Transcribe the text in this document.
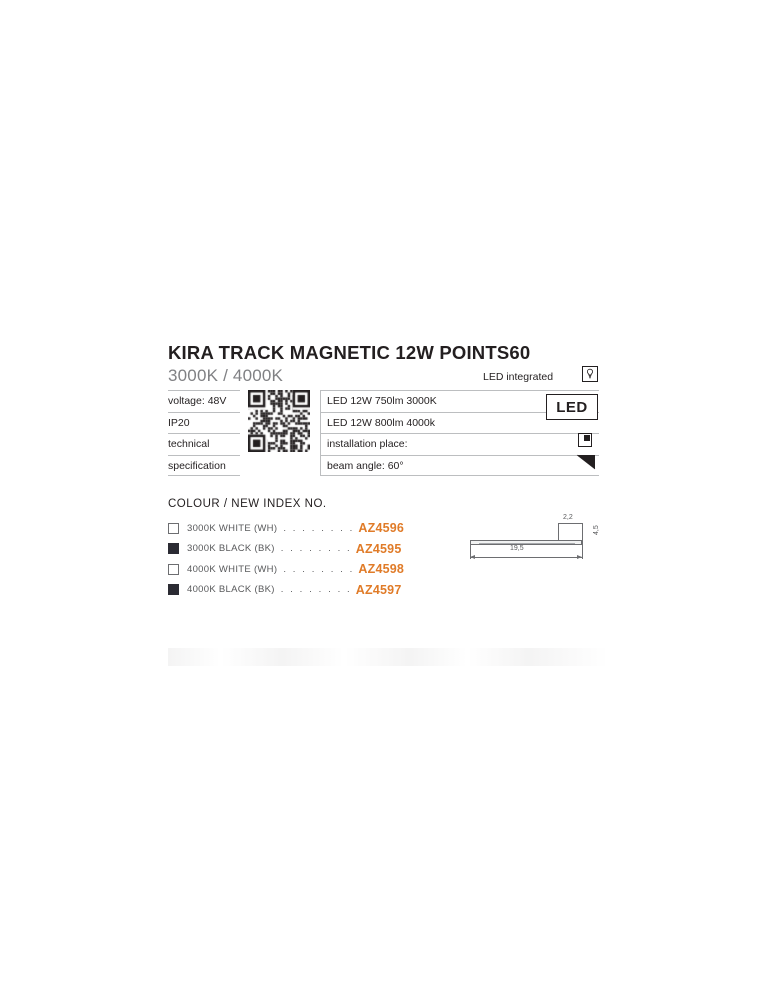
KIRA TRACK MAGNETIC 12W POINTS60
3000K / 4000K	LED integrated
voltage: 48V
IP20
technical
specification
LED 12W 750lm 3000K
LED 12W 800lm 4000k
installation place:
beam angle: 60°
LED
COLOUR / NEW INDEX NO.
3000K WHITE (WH) . . . . . . . . AZ4596
3000K BLACK (BK) . . . . . . . . AZ4595
4000K WHITE (WH) . . . . . . . . AZ4598
4000K BLACK (BK) . . . . . . . . AZ4597
19,5
2,2
4,5
